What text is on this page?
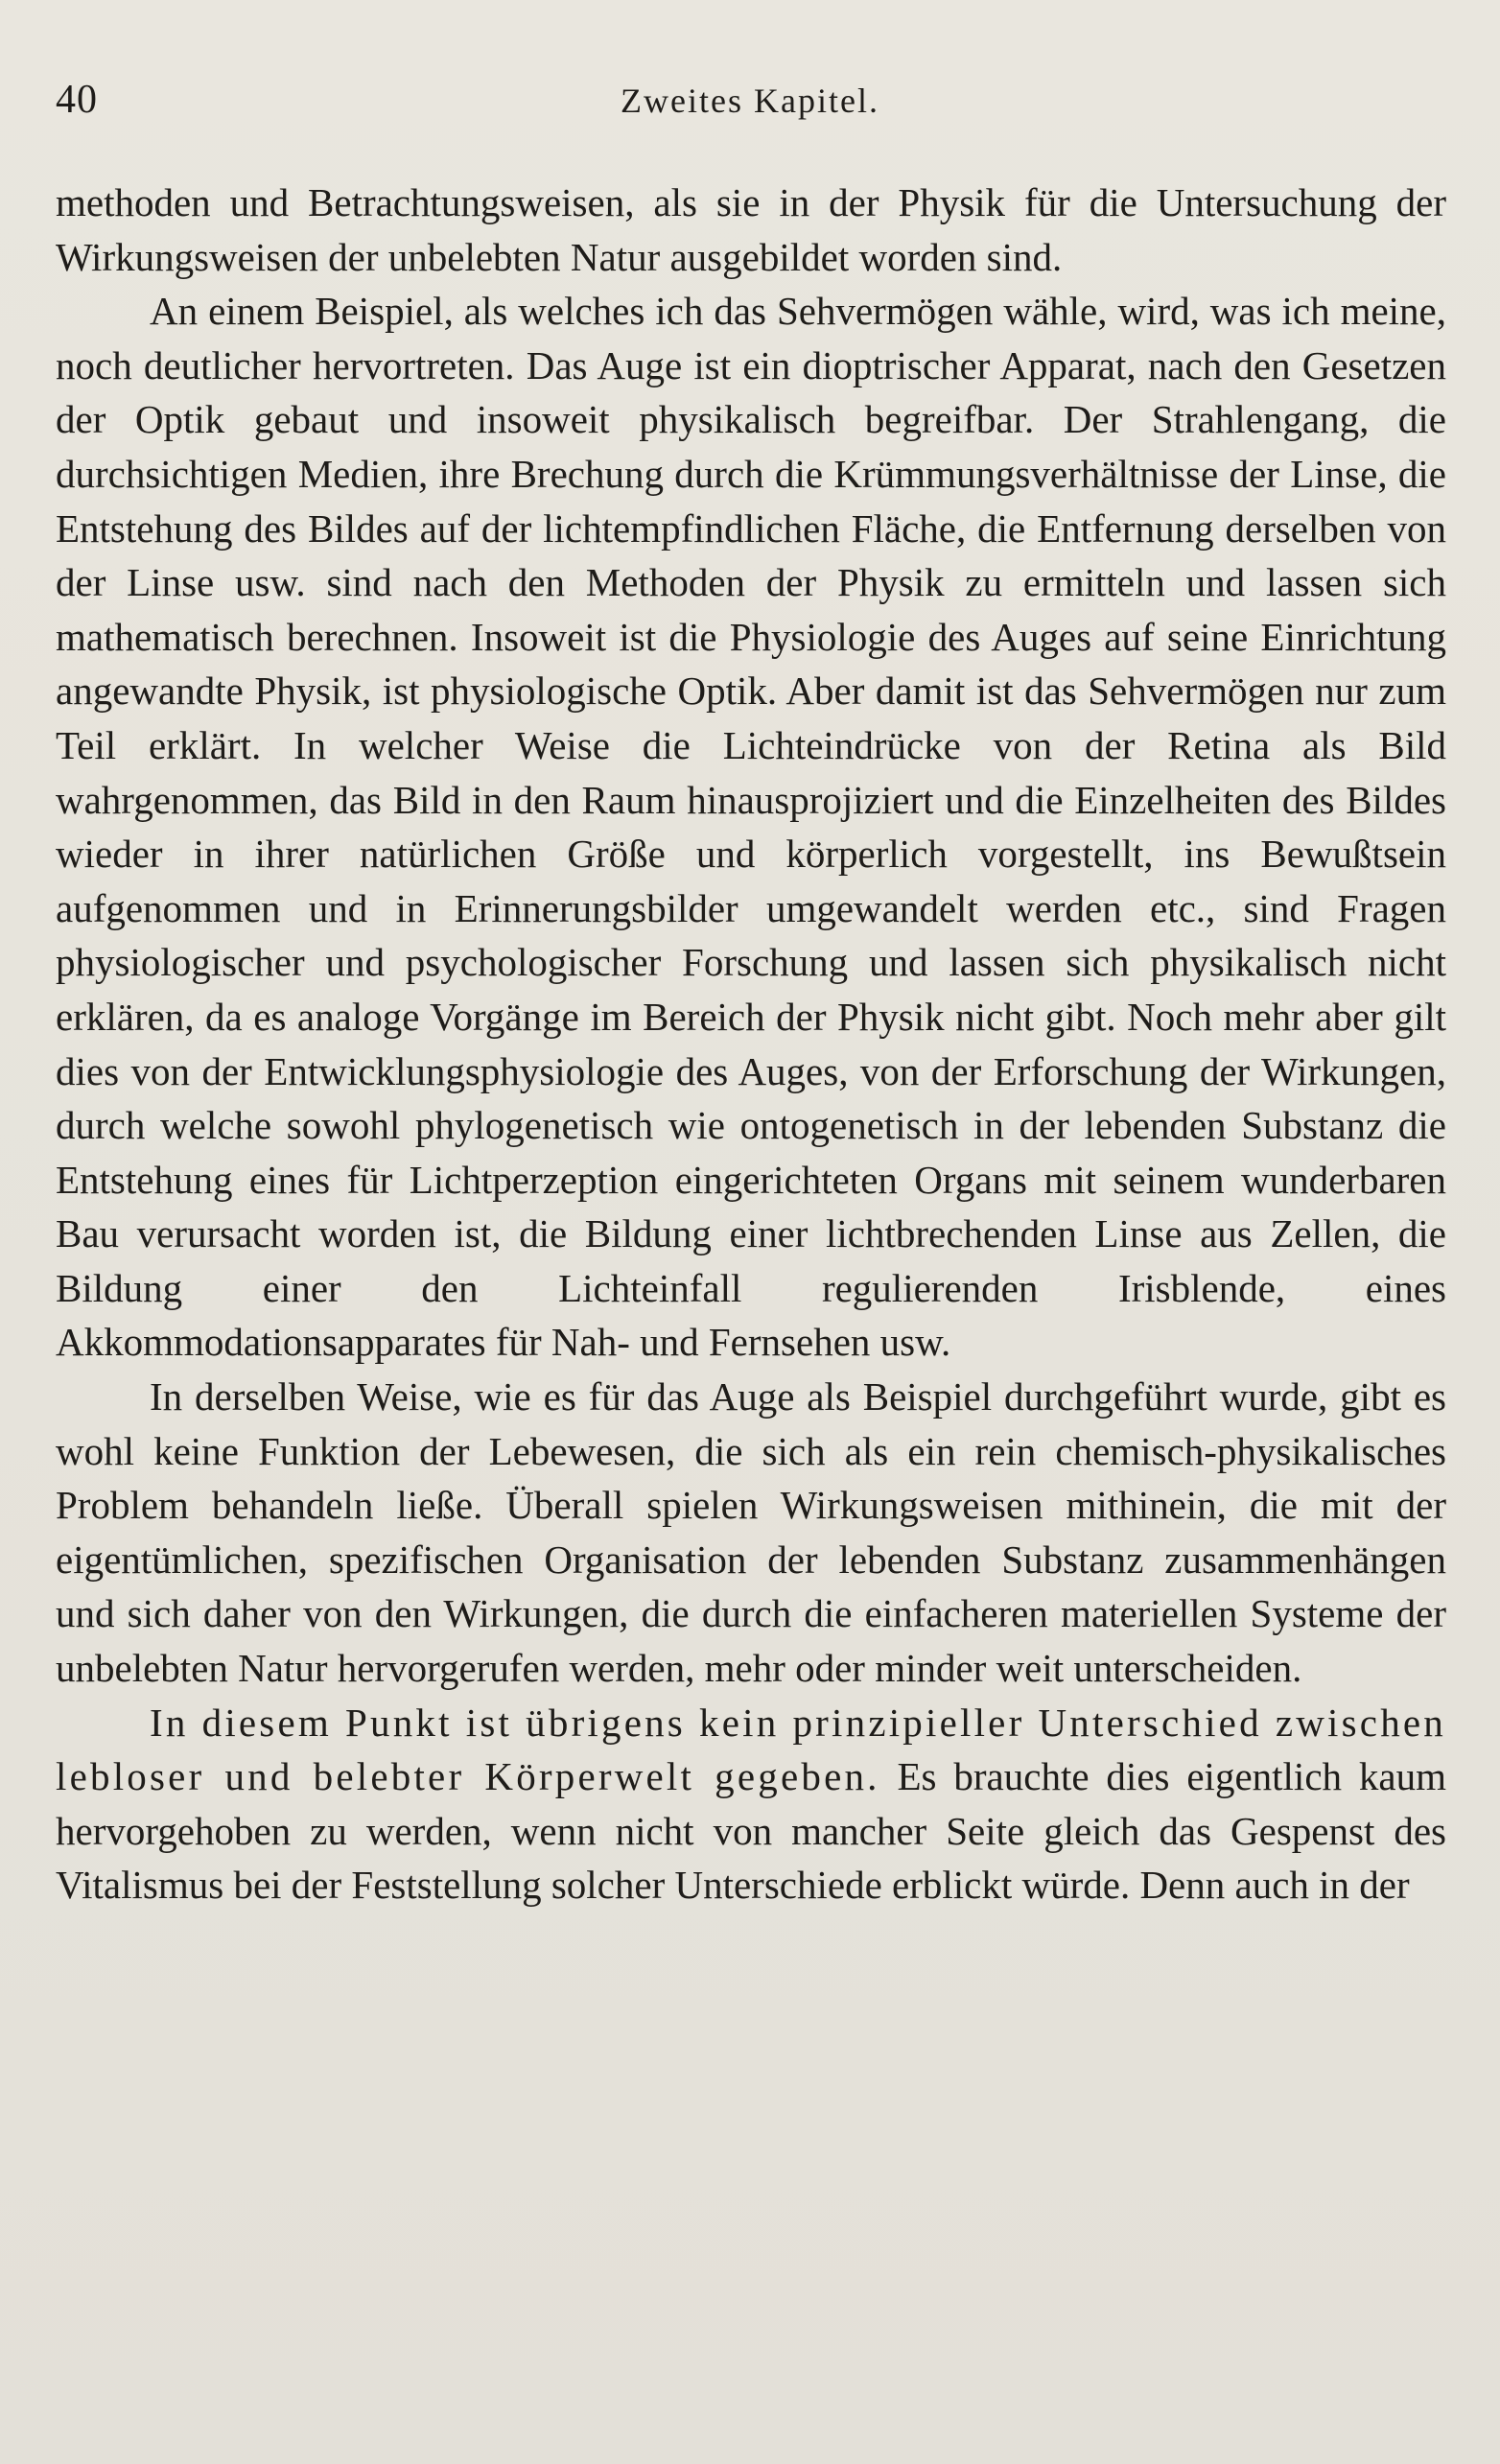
40	Zweites Kapitel.

methoden und Betrachtungsweisen, als sie in der Physik für die Untersuchung der Wirkungsweisen der unbelebten Natur ausgebildet worden sind.

An einem Beispiel, als welches ich das Sehvermögen wähle, wird, was ich meine, noch deutlicher hervortreten. Das Auge ist ein dioptrischer Apparat, nach den Gesetzen der Optik gebaut und insoweit physikalisch begreifbar. Der Strahlengang, die durchsichtigen Medien, ihre Brechung durch die Krümmungsverhältnisse der Linse, die Entstehung des Bildes auf der lichtempfindlichen Fläche, die Entfernung derselben von der Linse usw. sind nach den Methoden der Physik zu ermitteln und lassen sich mathematisch berechnen. Insoweit ist die Physiologie des Auges auf seine Einrichtung angewandte Physik, ist physiologische Optik. Aber damit ist das Sehvermögen nur zum Teil erklärt. In welcher Weise die Lichteindrücke von der Retina als Bild wahrgenommen, das Bild in den Raum hinausprojiziert und die Einzelheiten des Bildes wieder in ihrer natürlichen Größe und körperlich vorgestellt, ins Bewußtsein aufgenommen und in Erinnerungsbilder umgewandelt werden etc., sind Fragen physiologischer und psychologischer Forschung und lassen sich physikalisch nicht erklären, da es analoge Vorgänge im Bereich der Physik nicht gibt. Noch mehr aber gilt dies von der Entwicklungsphysiologie des Auges, von der Erforschung der Wirkungen, durch welche sowohl phylogenetisch wie ontogenetisch in der lebenden Substanz die Entstehung eines für Lichtperzeption eingerichteten Organs mit seinem wunderbaren Bau verursacht worden ist, die Bildung einer lichtbrechenden Linse aus Zellen, die Bildung einer den Lichteinfall regulierenden Irisblende, eines Akkommodationsapparates für Nah- und Fernsehen usw.

In derselben Weise, wie es für das Auge als Beispiel durchgeführt wurde, gibt es wohl keine Funktion der Lebewesen, die sich als ein rein chemisch-physikalisches Problem behandeln ließe. Überall spielen Wirkungsweisen mithinein, die mit der eigentümlichen, spezifischen Organisation der lebenden Substanz zusammenhängen und sich daher von den Wirkungen, die durch die einfacheren materiellen Systeme der unbelebten Natur hervorgerufen werden, mehr oder minder weit unterscheiden.

In diesem Punkt ist übrigens kein prinzipieller Unterschied zwischen lebloser und belebter Körperwelt gegeben. Es brauchte dies eigentlich kaum hervorgehoben zu werden, wenn nicht von mancher Seite gleich das Gespenst des Vitalismus bei der Feststellung solcher Unterschiede erblickt würde. Denn auch in der
